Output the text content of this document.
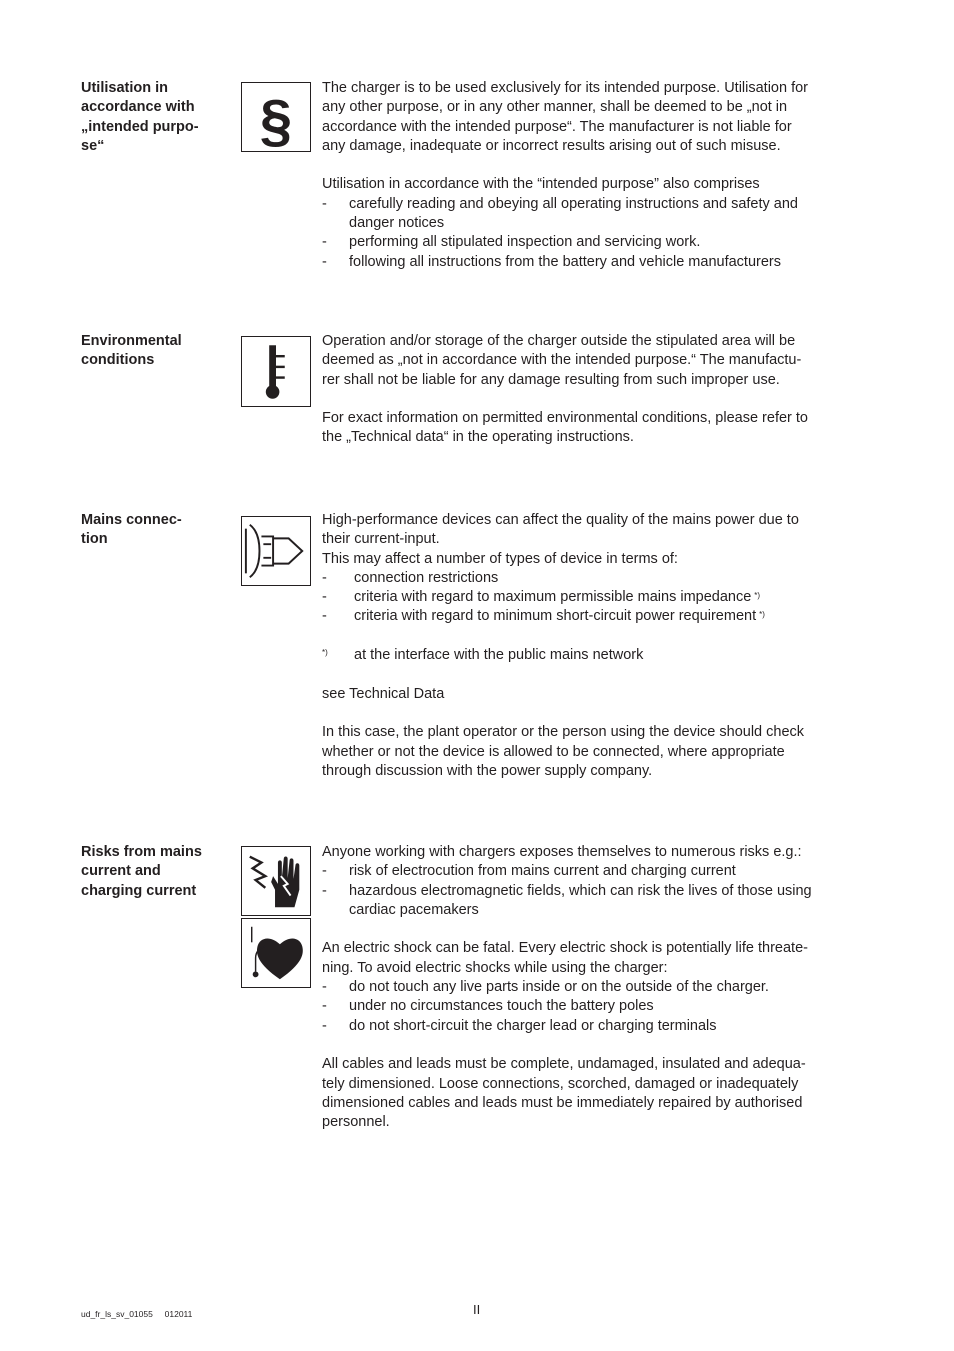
Utilisation in
accordance with
„intended purpo-
se“	§

The charger is to be used exclusively for its intended purpose. Utilisation for

any other purpose, or in any other manner, shall be deemed to be „not in

accordance with the intended purpose“. The manufacturer is not liable for

any damage, inadequate or incorrect results arising out of such misuse.

Utilisation in accordance with the “intended purpose” also comprises

- carefully reading and obeying all operating instructions and safety and

danger notices

- performing all stipulated inspection and servicing work.

- following all instructions from the battery and vehicle manufacturers

Environmental
conditions

Operation and/or storage of the charger outside the stipulated area will be

deemed as „not in accordance with the intended purpose.“ The manufactu-

rer shall not be liable for any damage resulting from such improper use.

For exact information on permitted environmental conditions, please refer to

the „Technical data“ in the operating instructions.

Mains connec-
tion

High-performance devices can affect the quality of the mains power due to

their current-input.

This may affect a number of types of device in terms of:

- connection restrictions

- criteria with regard to maximum permissible mains impedance *)

- criteria with regard to minimum short-circuit power requirement *)

*) at the interface with the public mains network

see Technical Data

In this case, the plant operator or the person using the device should check

whether or not the device is allowed to be connected, where appropriate

through discussion with the power supply company.

Risks from mains
current and
charging current

Anyone working with chargers exposes themselves to numerous risks e.g.:

- risk of electrocution from mains current and charging current

- hazardous electromagnetic fields, which can risk the lives of those using

cardiac pacemakers

An electric shock can be fatal. Every electric shock is potentially life threate-

ning. To avoid electric shocks while using the charger:

- do not touch any live parts inside or on the outside of the charger.

- under no circumstances touch the battery poles

- do not short-circuit the charger lead or charging terminals

All cables and leads must be complete, undamaged, insulated and adequa-

tely dimensioned. Loose connections, scorched, damaged or inadequately

dimensioned cables and leads must be immediately repaired by authorised

personnel.

ud_fr_ls_sv_01055     012011	II
